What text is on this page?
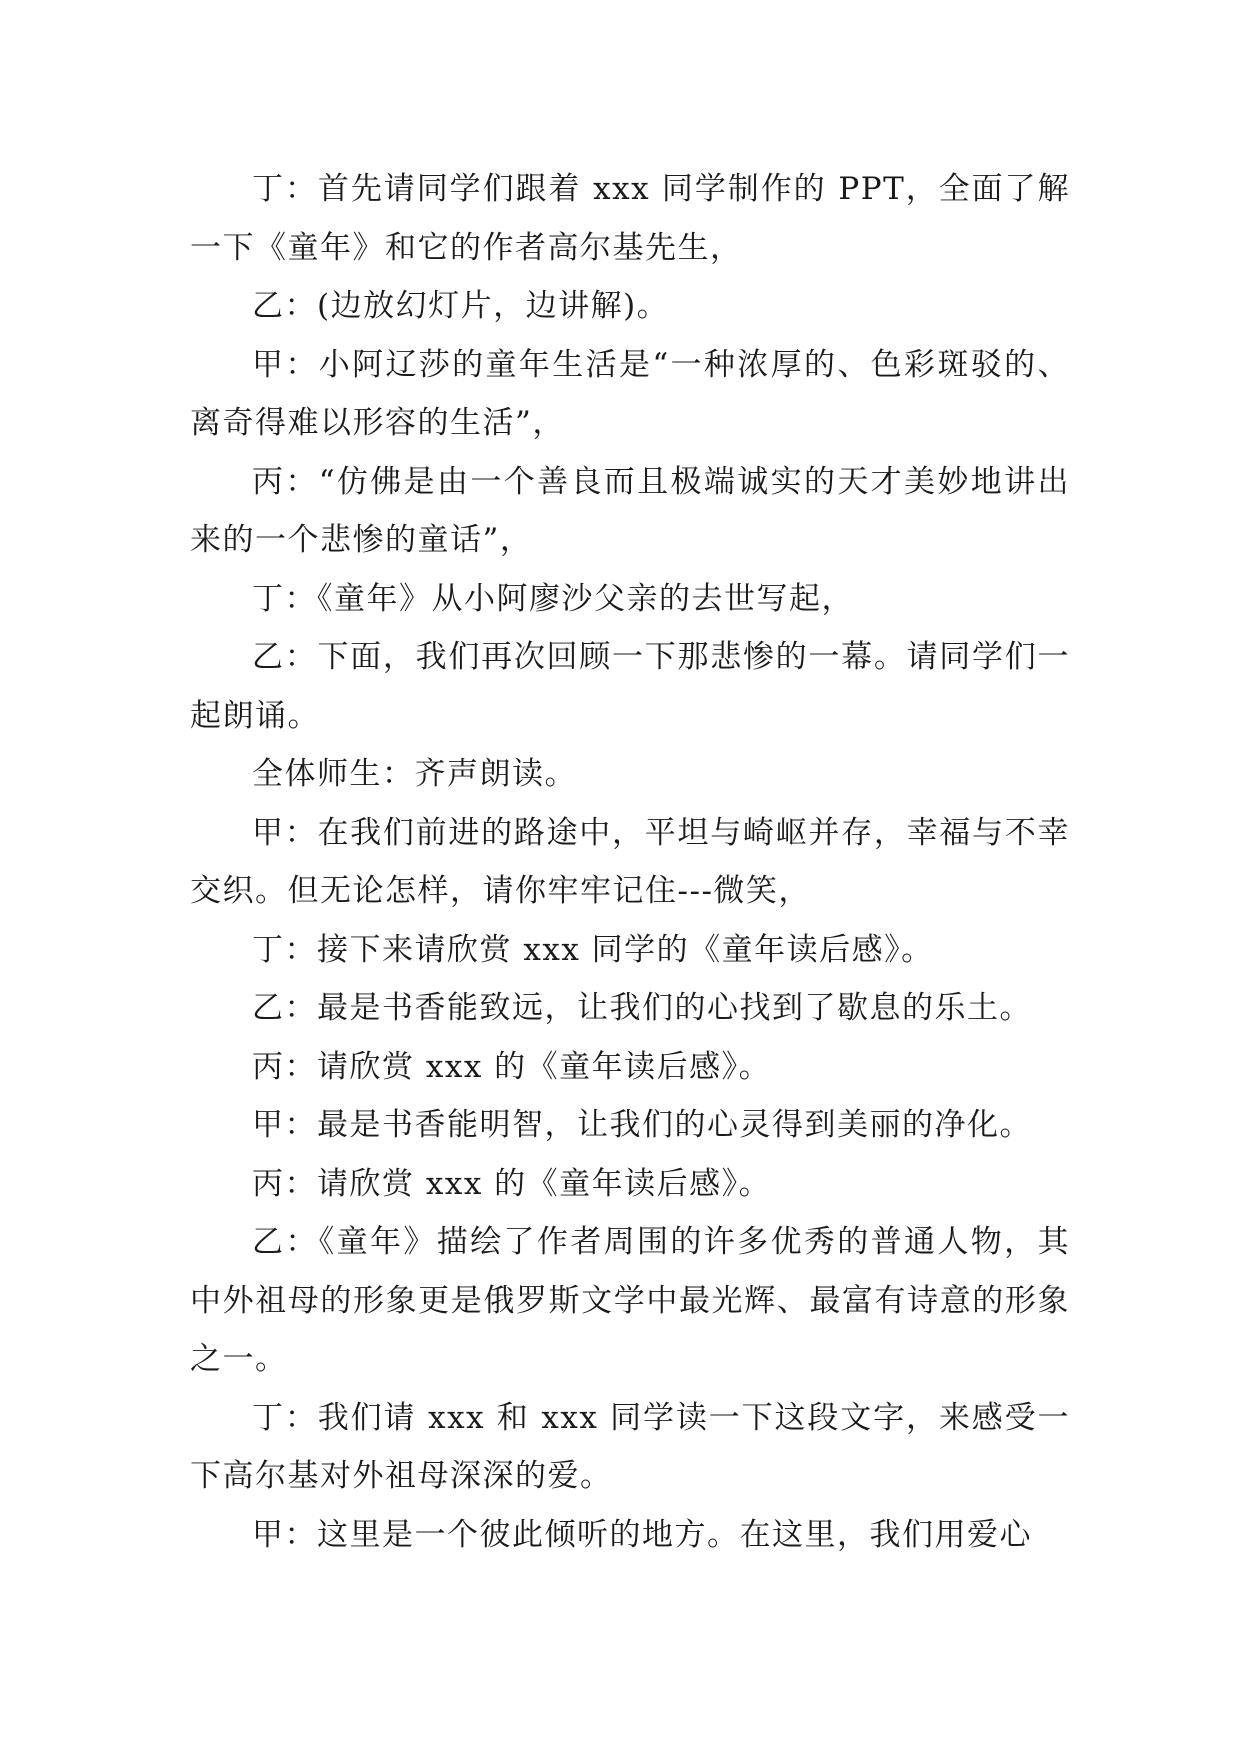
丁：首先请同学们跟着 xxx 同学制作的 PPT，全面了解一下《童年》和它的作者高尔基先生，

乙：(边放幻灯片，边讲解)。

甲：小阿辽莎的童年生活是“一种浓厚的、色彩斑驳的、离奇得难以形容的生活”，

丙：“仿佛是由一个善良而且极端诚实的天才美妙地讲出来的一个悲惨的童话”，

丁：《童年》从小阿廖沙父亲的去世写起，

乙：下面，我们再次回顾一下那悲惨的一幕。请同学们一起朗诵。

全体师生：齐声朗读。

甲：在我们前进的路途中，平坦与崎岖并存，幸福与不幸交织。但无论怎样，请你牢牢记住---微笑，

丁：接下来请欣赏 xxx 同学的《童年读后感》。

乙：最是书香能致远，让我们的心找到了歇息的乐土。

丙：请欣赏 xxx 的《童年读后感》。

甲：最是书香能明智，让我们的心灵得到美丽的净化。

丙：请欣赏 xxx 的《童年读后感》。

乙：《童年》描绘了作者周围的许多优秀的普通人物，其中外祖母的形象更是俄罗斯文学中最光辉、最富有诗意的形象之一。

丁：我们请 xxx 和 xxx 同学读一下这段文字，来感受一下高尔基对外祖母深深的爱。

甲：这里是一个彼此倾听的地方。在这里，我们用爱心
